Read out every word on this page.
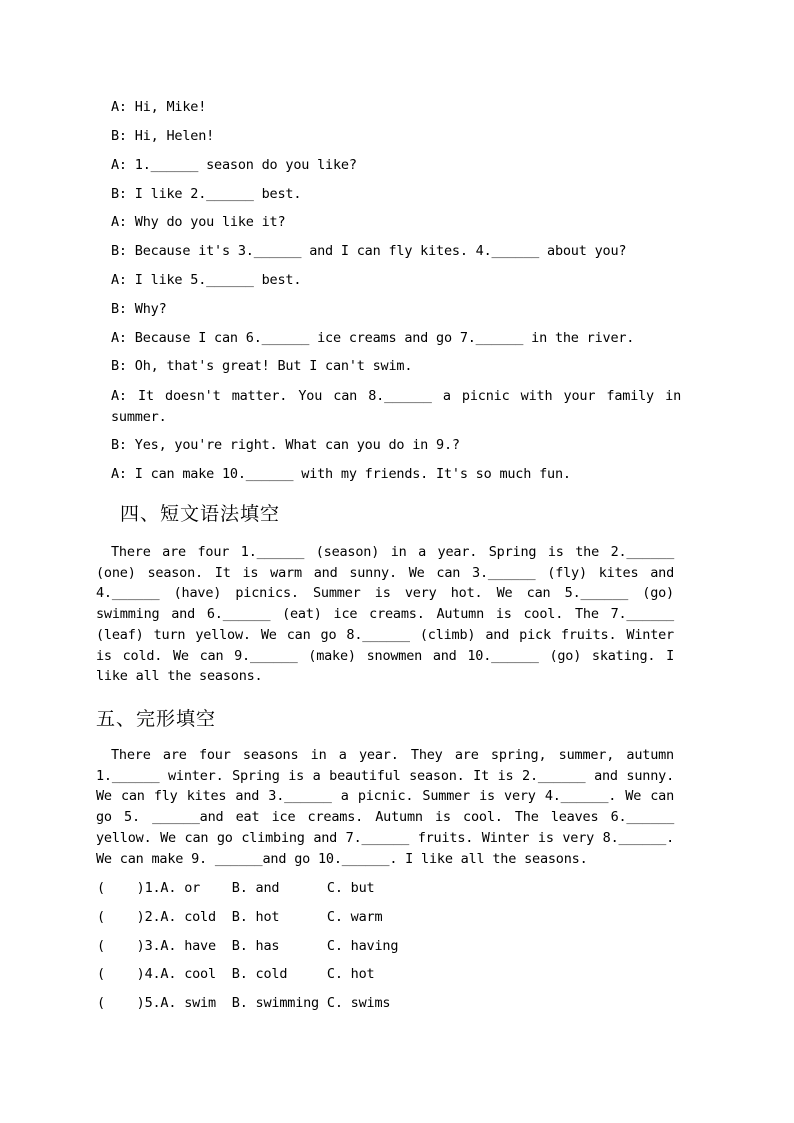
A: Hi, Mike!
B: Hi, Helen!
A: 1.______ season do you like?
B: I like 2.______ best.
A: Why do you like it?
B: Because it's 3.______ and I can fly kites. 4.______ about you?
A: I like 5.______ best.
B: Why?
A: Because I can 6.______ ice creams and go 7.______ in the river.
B: Oh, that's great! But I can't swim.
A: It doesn't matter. You can 8.______ a picnic with your family in summer.
B: Yes, you're right. What can you do in 9.?
A: I can make 10.______ with my friends. It's so much fun.
四、短文语法填空
There are four 1.______ (season) in a year. Spring is the 2.______ (one) season. It is warm and sunny. We can 3.______ (fly) kites and 4.______ (have) picnics. Summer is very hot. We can 5.______ (go) swimming and 6.______ (eat) ice creams. Autumn is cool. The 7.______ (leaf) turn yellow. We can go 8.______ (climb) and pick fruits. Winter is cold. We can 9.______ (make) snowmen and 10.______ (go) skating. I like all the seasons.
五、完形填空
There are four seasons in a year. They are spring, summer, autumn 1.______ winter. Spring is a beautiful season. It is 2.______ and sunny. We can fly kites and 3.______ a picnic. Summer is very 4.______. We can go 5. ______and eat ice creams. Autumn is cool. The leaves 6.______ yellow. We can go climbing and 7.______ fruits. Winter is very 8.______. We can make 9. ______and go 10.______. I like all the seasons.
(    )1.A. or    B. and      C. but
(    )2.A. cold  B. hot      C. warm
(    )3.A. have  B. has      C. having
(    )4.A. cool  B. cold     C. hot
(    )5.A. swim  B. swimming C. swims
